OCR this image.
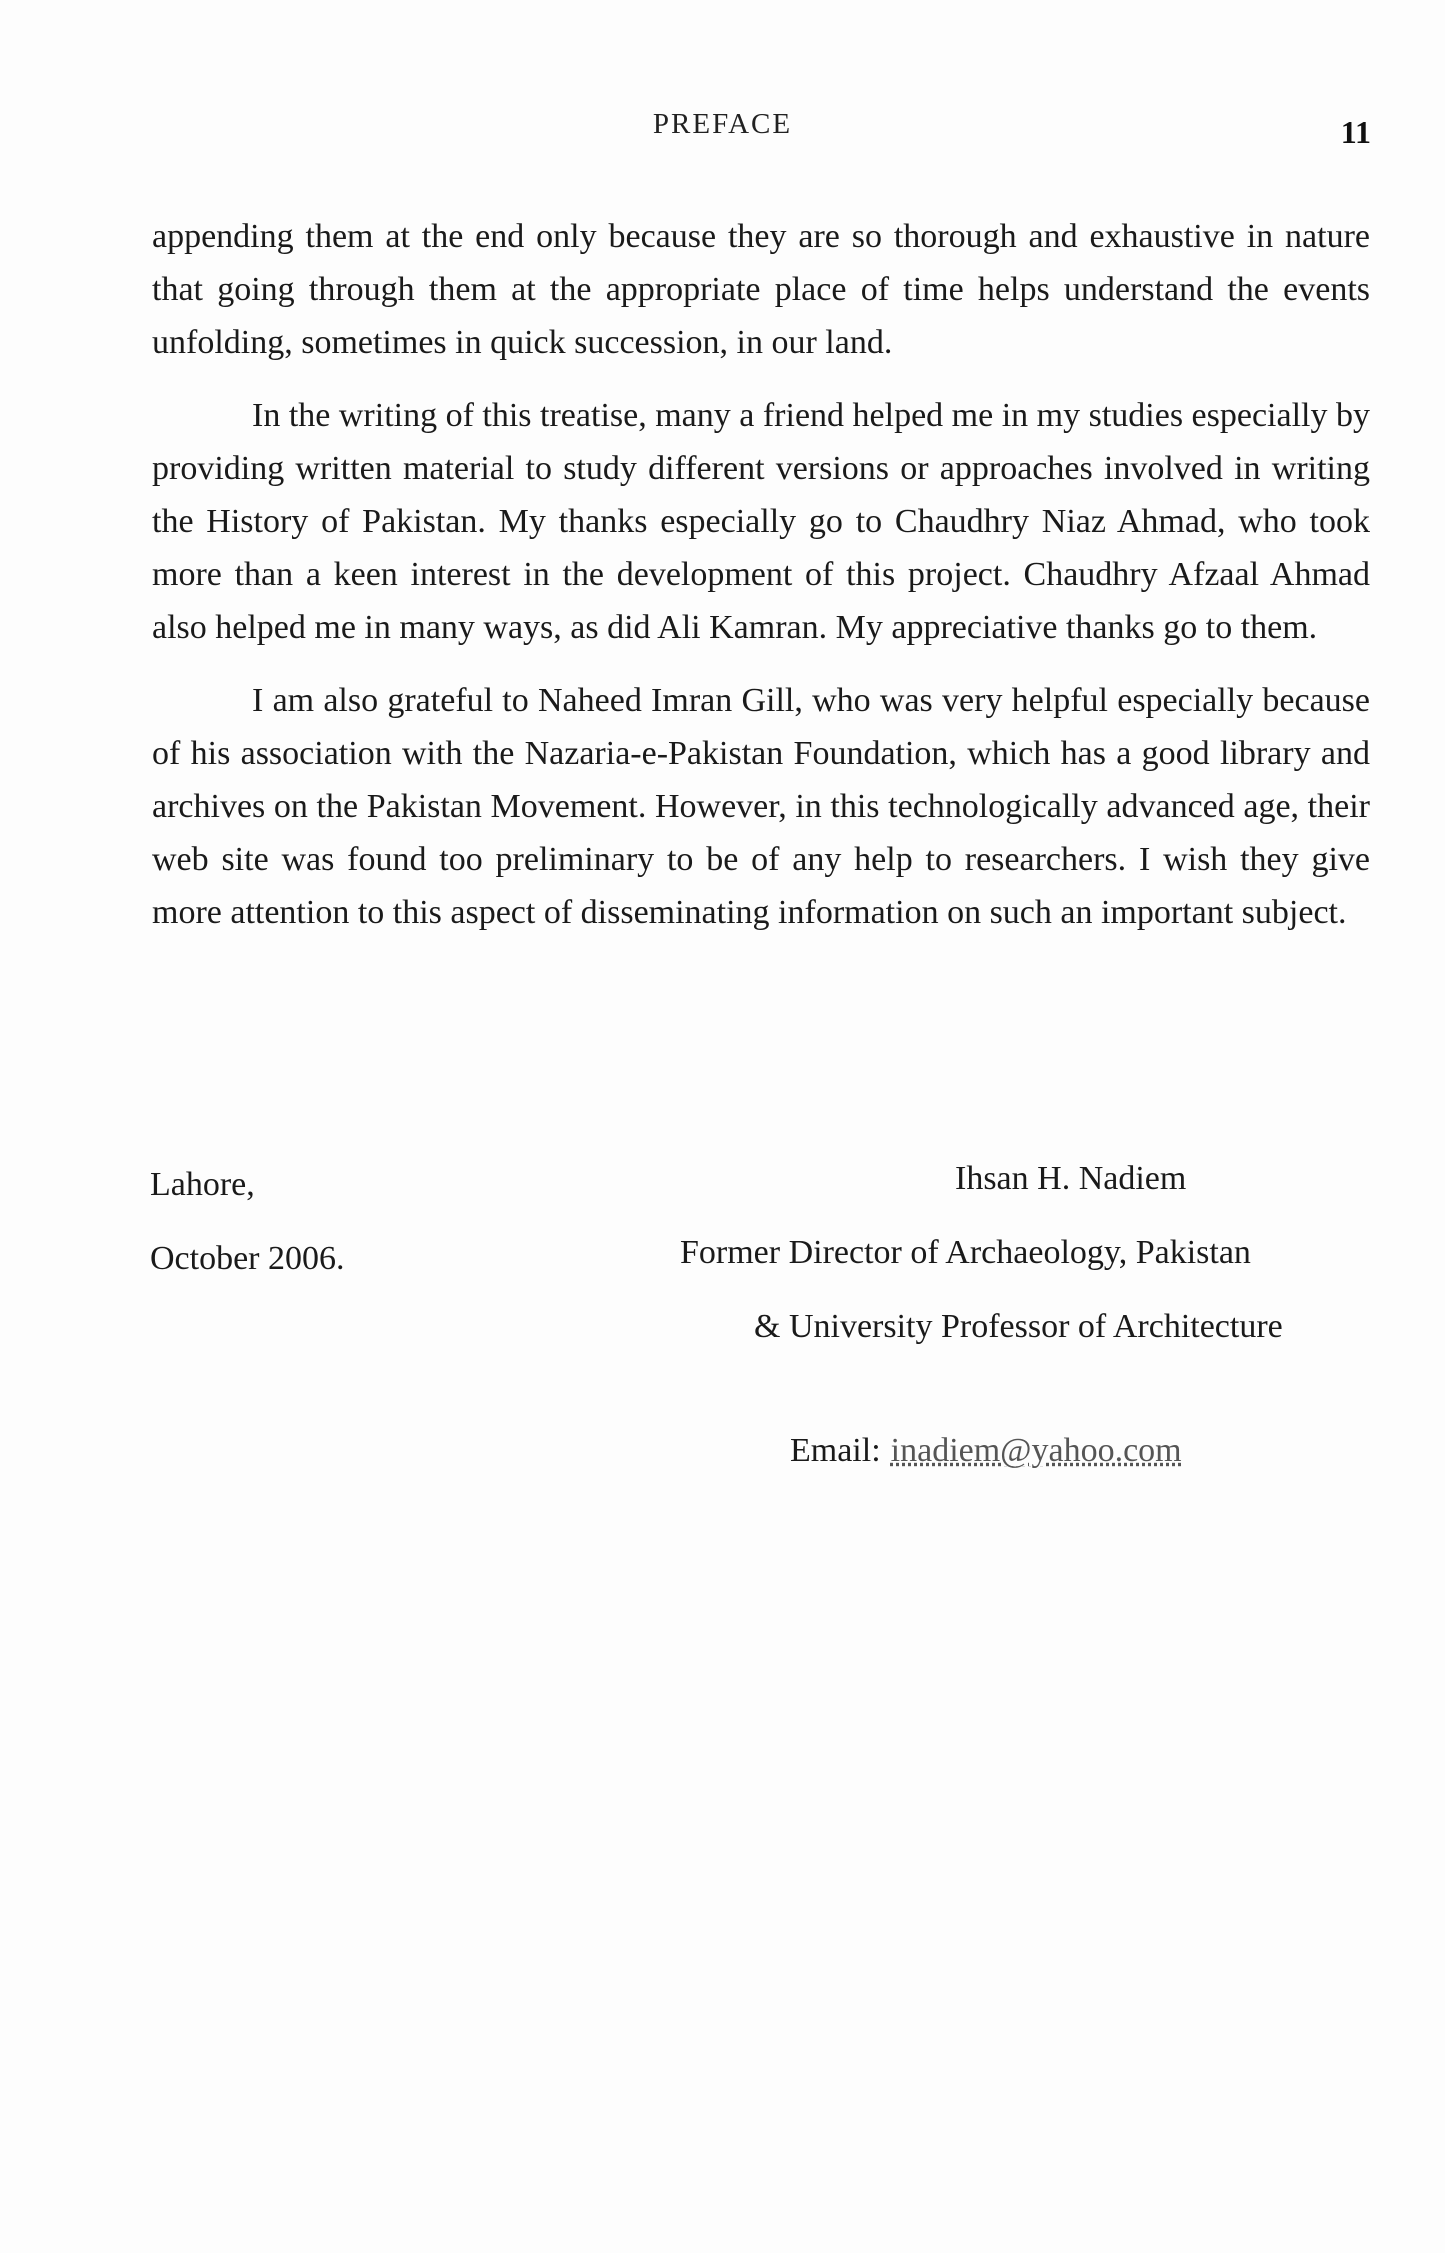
PREFACE	11

appending them at the end only because they are so thorough and exhaustive in nature that going through them at the appropriate place of time helps understand the events unfolding, sometimes in quick succession, in our land.

In the writing of this treatise, many a friend helped me in my studies especially by providing written material to study different versions or approaches involved in writing the History of Pakistan. My thanks especially go to Chaudhry Niaz Ahmad, who took more than a keen interest in the development of this project. Chaudhry Afzaal Ahmad also helped me in many ways, as did Ali Kamran. My appreciative thanks go to them.

I am also grateful to Naheed Imran Gill, who was very helpful especially because of his association with the Nazaria-e-Pakistan Foundation, which has a good library and archives on the Pakistan Movement. However, in this technologically advanced age, their web site was found too preliminary to be of any help to researchers. I wish they give more attention to this aspect of disseminating information on such an important subject.

Lahore,
October 2006.
Ihsan H. Nadiem
Former Director of Archaeology, Pakistan
& University Professor of Architecture
Email: inadiem@yahoo.com
